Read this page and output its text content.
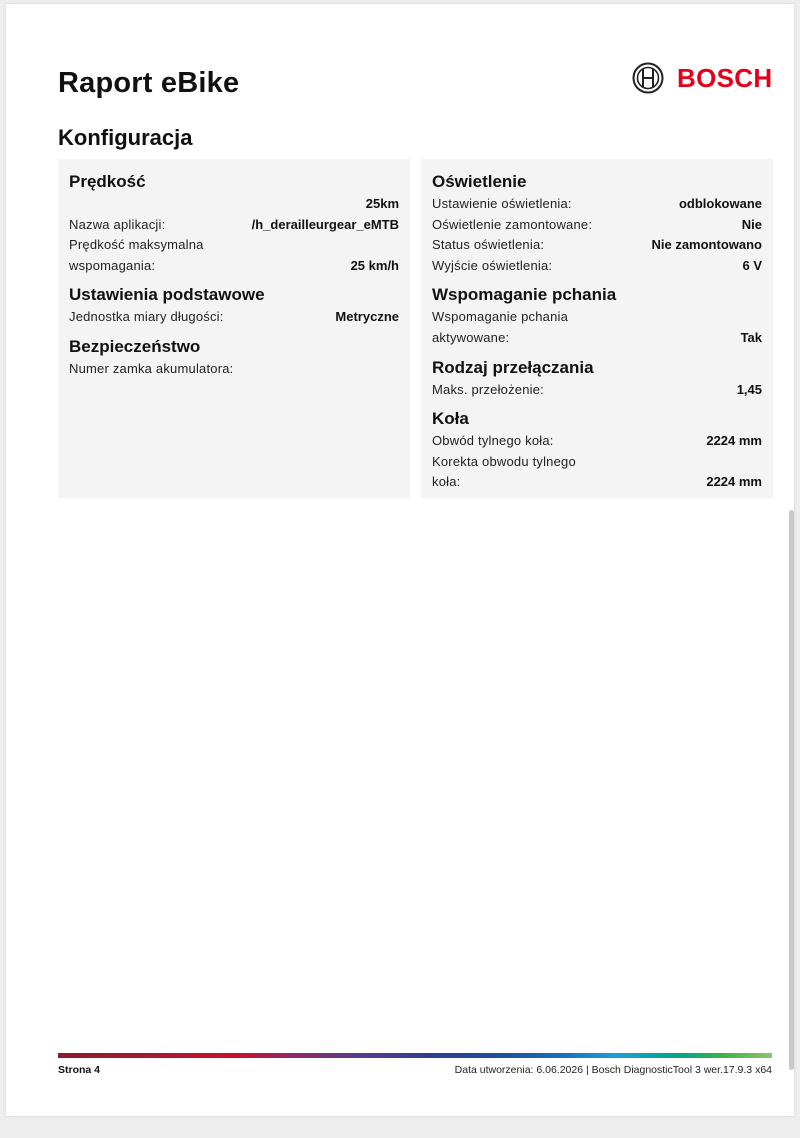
Raport eBike	BOSCH
Konfiguracja
Prędkość
Nazwa aplikacji:
25km /h_derailleurgear_eMTB
Prędkość maksymalna wspomagania:	25 km/h
Ustawienia podstawowe
Jednostka miary długości:	Metryczne
Bezpieczeństwo
Numer zamka akumulatora:
Oświetlenie
Ustawienie oświetlenia:	odblokowane
Oświetlenie zamontowane:	Nie
Status oświetlenia:	Nie zamontowano
Wyjście oświetlenia:	6 V
Wspomaganie pchania
Wspomaganie pchania aktywowane:	Tak
Rodzaj przełączania
Maks. przełożenie:	1,45
Koła
Obwód tylnego koła:	2224 mm
Korekta obwodu tylnego koła:	2224 mm
Strona 4	Data utworzenia: 6.06.2026 | Bosch DiagnosticTool 3 wer.17.9.3 x64
